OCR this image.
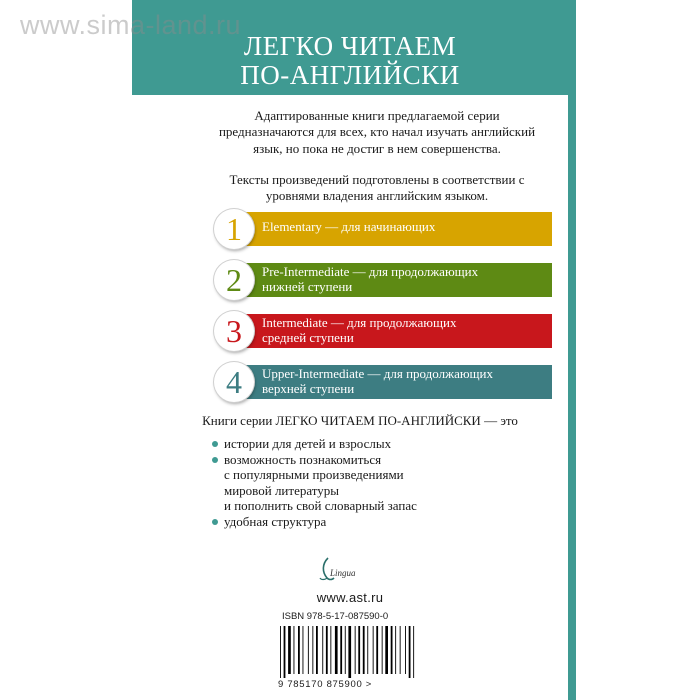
ЛЕГКО ЧИТАЕМ
ПО-АНГЛИЙСКИ
Адаптированные книги предлагаемой серии предназначаются для всех, кто начал изучать английский язык, но пока не достиг в нем совершенства.
Тексты произведений подготовлены в соответствии с уровнями владения английским языком.
1	Elementary — для начинающих
2	Pre-Intermediate — для продолжающих
нижней ступени
3	Intermediate — для продолжающих
средней ступени
4	Upper-Intermediate — для продолжающих
верхней ступени
Книги серии ЛЕГКО ЧИТАЕМ ПО-АНГЛИЙСКИ — это
истории для детей и взрослых
возможность познакомиться
с популярными произведениями
мировой литературы
и пополнить свой словарный запас
удобная структура
Lingua
www.ast.ru
ISBN 978-5-17-087590-0
9 785170 875900 >
www.sima-land.ru
